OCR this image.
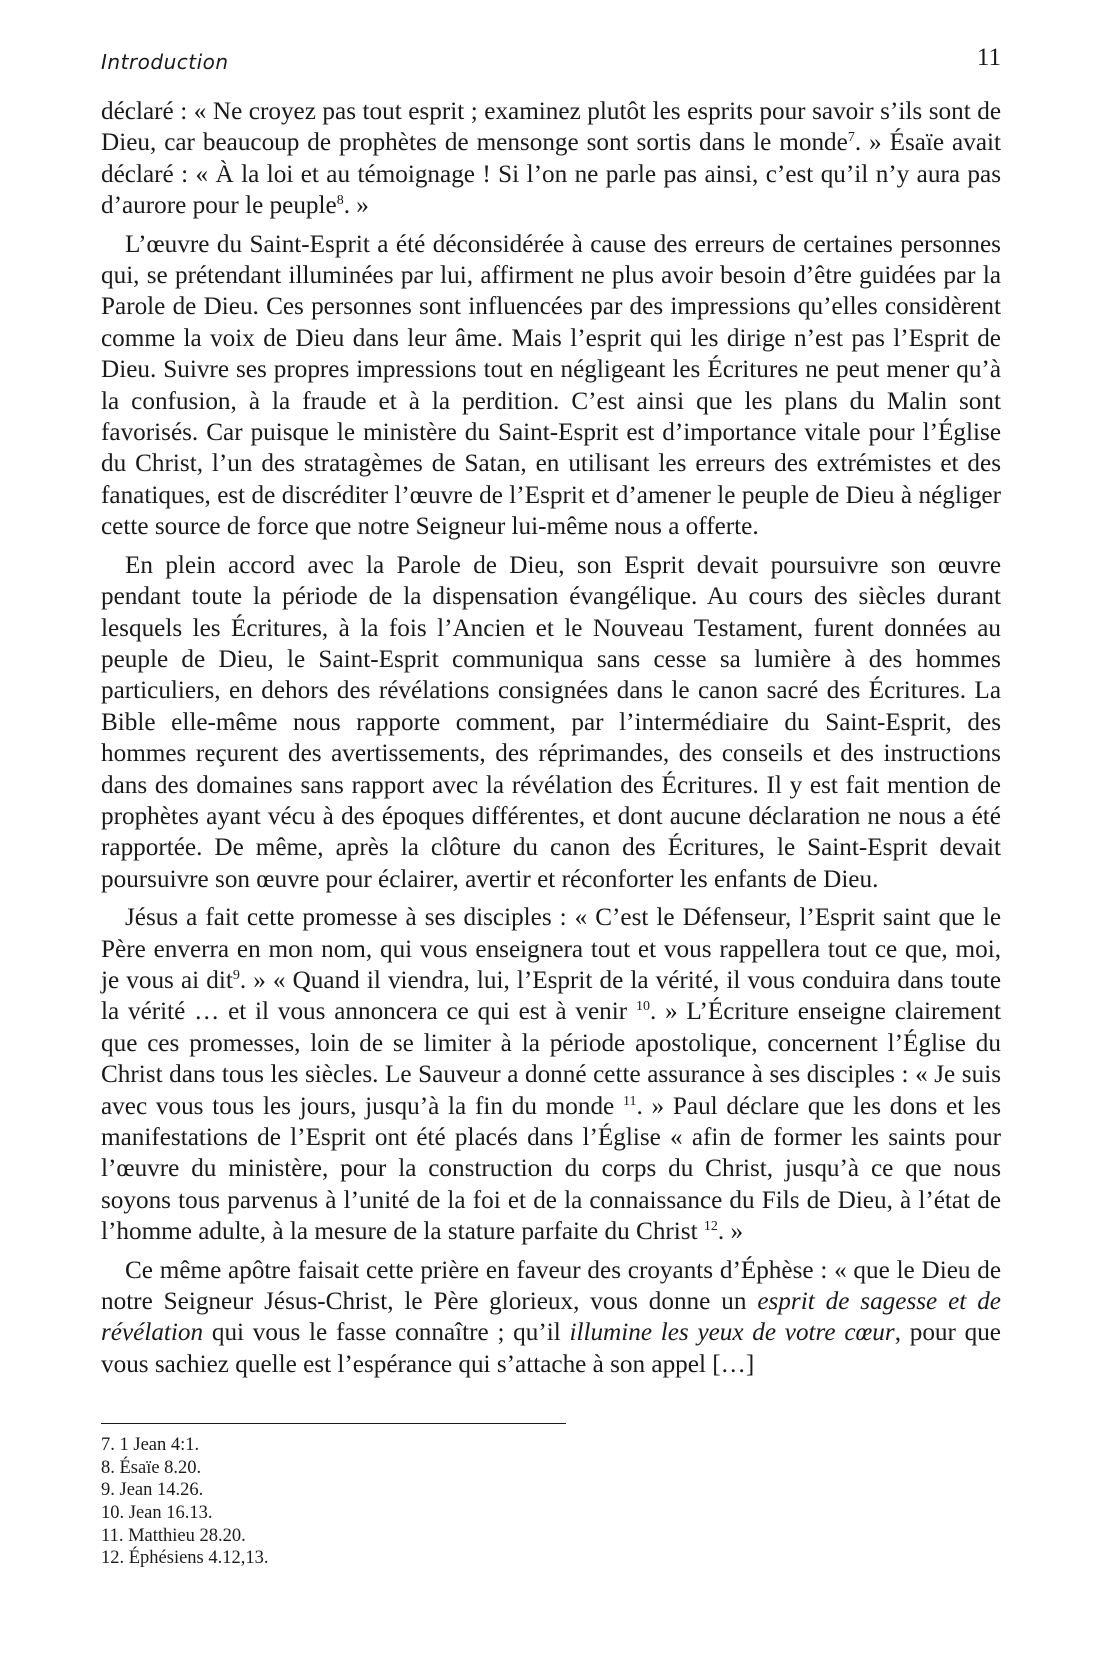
Introduction	11

déclaré : « Ne croyez pas tout esprit ; examinez plutôt les esprits pour savoir s’ils sont de Dieu, car beaucoup de prophètes de mensonge sont sortis dans le monde$^7$. » Ésaïe avait déclaré : « À la loi et au témoignage ! Si l’on ne parle pas ainsi, c’est qu’il n’y aura pas d’aurore pour le peuple$^8$. »

L’œuvre du Saint-Esprit a été déconsidérée à cause des erreurs de certaines personnes qui, se prétendant illuminées par lui, affirment ne plus avoir besoin d’être guidées par la Parole de Dieu. Ces personnes sont influencées par des impressions qu’elles considèrent comme la voix de Dieu dans leur âme. Mais l’esprit qui les dirige n’est pas l’Esprit de Dieu. Suivre ses propres impressions tout en négligeant les Écritures ne peut mener qu’à la confusion, à la fraude et à la perdition. C’est ainsi que les plans du Malin sont favorisés. Car puisque le ministère du Saint-Esprit est d’importance vitale pour l’Église du Christ, l’un des stratagèmes de Satan, en utilisant les erreurs des extrémistes et des fanatiques, est de discréditer l’œuvre de l’Esprit et d’amener le peuple de Dieu à négliger cette source de force que notre Seigneur lui-même nous a offerte.

En plein accord avec la Parole de Dieu, son Esprit devait poursuivre son œuvre pendant toute la période de la dispensation évangélique. Au cours des siècles durant lesquels les Écritures, à la fois l’Ancien et le Nouveau Testament, furent données au peuple de Dieu, le Saint-Esprit communiqua sans cesse sa lumière à des hommes particuliers, en dehors des révélations consignées dans le canon sacré des Écritures. La Bible elle-même nous rapporte comment, par l’intermédiaire du Saint-Esprit, des hommes reçurent des avertissements, des réprimandes, des conseils et des instructions dans des domaines sans rapport avec la révélation des Écritures. Il y est fait mention de prophètes ayant vécu à des époques différentes, et dont aucune déclaration ne nous a été rapportée. De même, après la clôture du canon des Écritures, le Saint-Esprit devait poursuivre son œuvre pour éclairer, avertir et réconforter les enfants de Dieu.

Jésus a fait cette promesse à ses disciples : « C’est le Défenseur, l’Esprit saint que le Père enverra en mon nom, qui vous enseignera tout et vous rappellera tout ce que, moi, je vous ai dit$^9$. » « Quand il viendra, lui, l’Esprit de la vérité, il vous conduira dans toute la vérité … et il vous annoncera ce qui est à venir $^{10}$. » L’Écriture enseigne clairement que ces promesses, loin de se limiter à la période apostolique, concernent l’Église du Christ dans tous les siècles. Le Sauveur a donné cette assurance à ses disciples : « Je suis avec vous tous les jours, jusqu’à la fin du monde $^{11}$. » Paul déclare que les dons et les manifestations de l’Esprit ont été placés dans l’Église « afin de former les saints pour l’œuvre du ministère, pour la construction du corps du Christ, jusqu’à ce que nous soyons tous parvenus à l’unité de la foi et de la connaissance du Fils de Dieu, à l’état de l’homme adulte, à la mesure de la stature parfaite du Christ $^{12}$. »

Ce même apôtre faisait cette prière en faveur des croyants d’Éphèse : « que le Dieu de notre Seigneur Jésus-Christ, le Père glorieux, vous donne un esprit de sagesse et de révélation qui vous le fasse connaître ; qu’il illumine les yeux de votre cœur, pour que vous sachiez quelle est l’espérance qui s’attache à son appel […]

7. 1 Jean 4:1.
8. Ésaïe 8.20.
9. Jean 14.26.
10. Jean 16.13.
11. Matthieu 28.20.
12. Éphésiens 4.12,13.
